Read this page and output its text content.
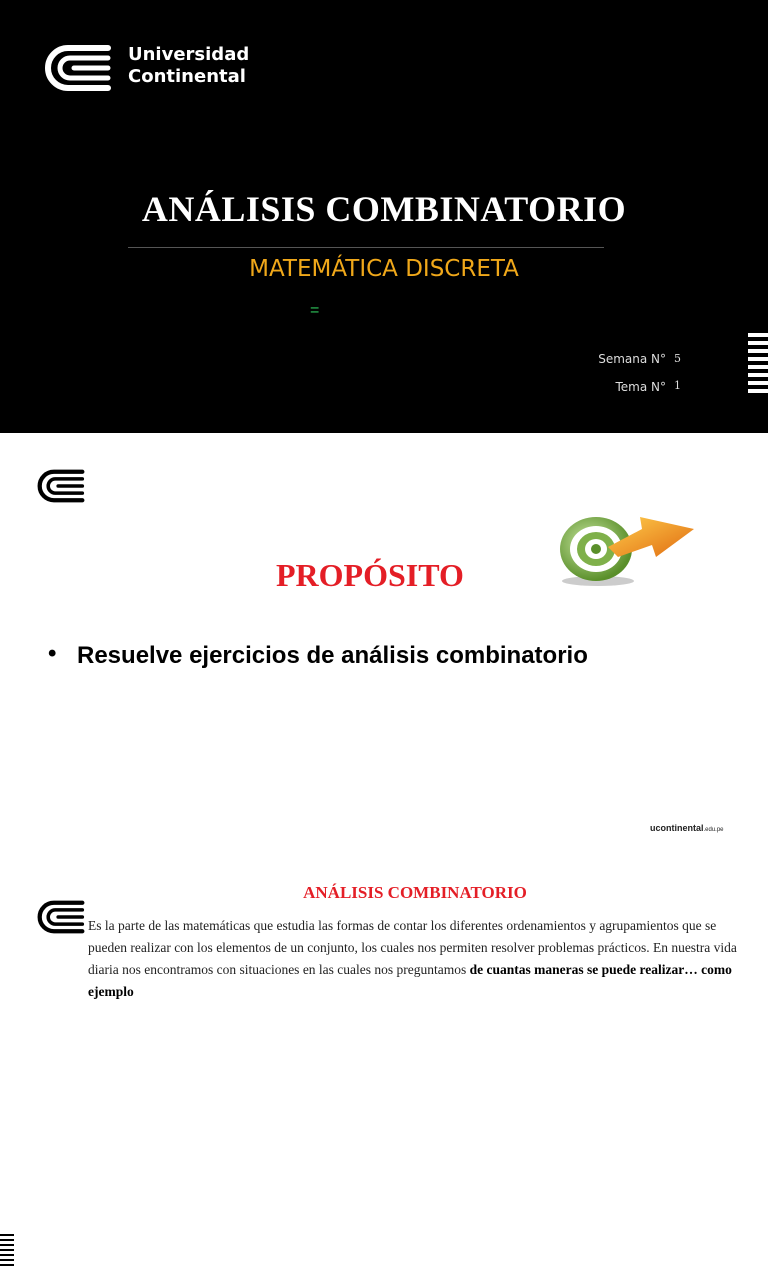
Universidad
Continental
ANÁLISIS COMBINATORIO
MATEMÁTICA DISCRETA
=
Semana N° 5
Tema N° 1
PROPÓSITO
• Resuelve ejercicios de análisis combinatorio
ucontinental.edu.pe
ANÁLISIS COMBINATORIO
Es la parte de las matemáticas que estudia las formas de contar los diferentes ordenamientos y agrupamientos que se pueden realizar con los elementos de un conjunto, los cuales nos permiten resolver problemas prácticos. En nuestra vida diaria nos encontramos con situaciones en las cuales nos preguntamos de cuantas maneras se puede realizar… como ejemplo
